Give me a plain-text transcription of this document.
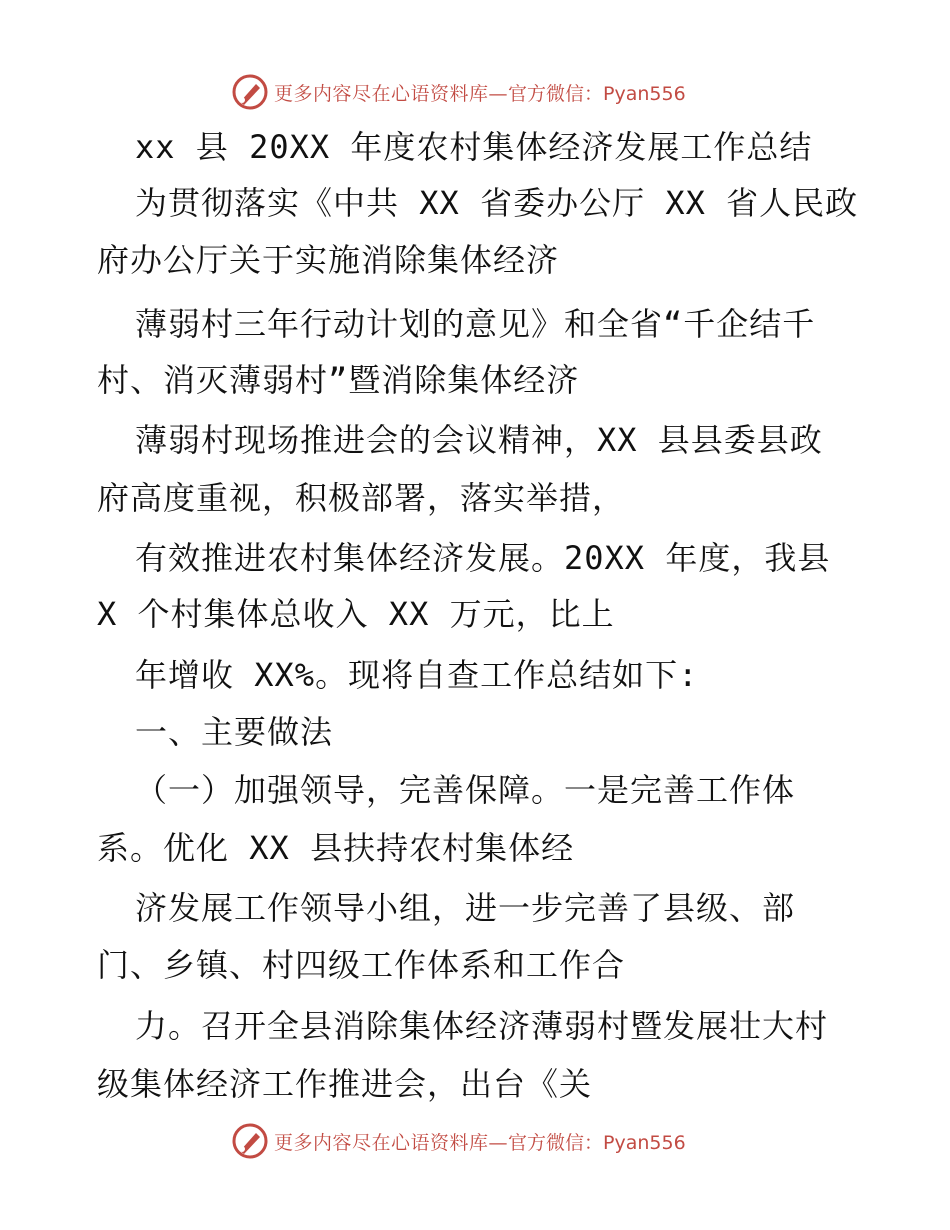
更多内容尽在心语资料库— 官方微信：Pyan556
xx 县 20XX 年度农村集体经济发展工作总结
为贯彻落实《中共 XX 省委办公厅 XX 省人民政
府办公厅关于实施消除集体经济
薄弱村三年行动计划的意见》和全省“千企结千
村、消灭薄弱村”暨消除集体经济
薄弱村现场推进会的会议精神，XX 县县委县政
府高度重视，积极部署，落实举措，
有效推进农村集体经济发展。20XX 年度，我县
X 个村集体总收入 XX 万元，比上
年增收 XX%。现将自查工作总结如下:
一、主要做法
（一）加强领导，完善保障。一是完善工作体
系。优化 XX 县扶持农村集体经
济发展工作领导小组，进一步完善了县级、部
门、乡镇、村四级工作体系和工作合
力。召开全县消除集体经济薄弱村暨发展壮大村
级集体经济工作推进会，出台《关
更多内容尽在心语资料库— 官方微信：Pyan556
